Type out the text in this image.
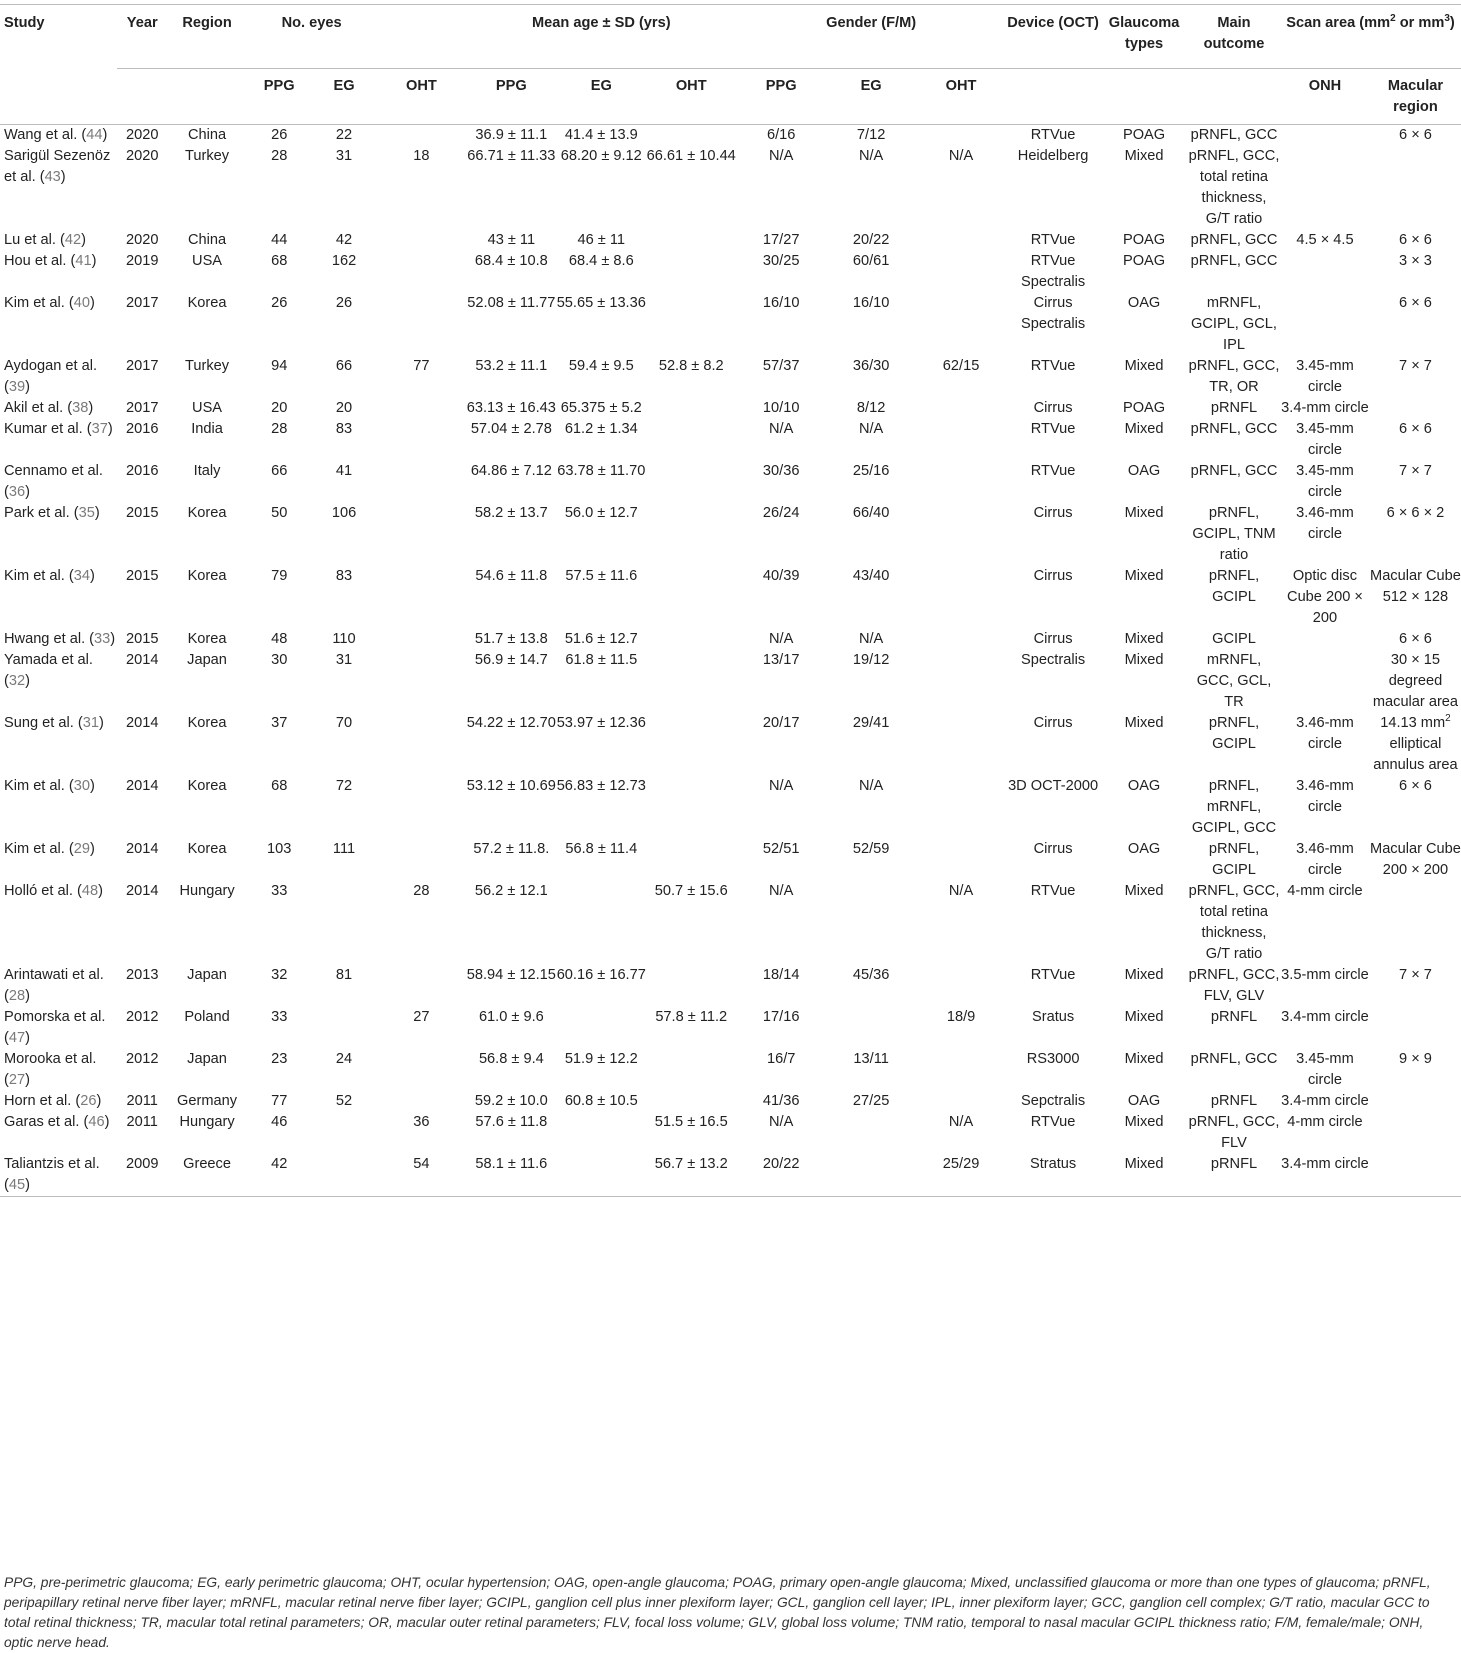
Study	Year	Region	No. eyes			Mean age ± SD (yrs)			Gender (F/M)			Device (OCT)	Glaucoma types	Main outcome	Scan area ($mm^2$ or $mm^3$)	
			PPG	EG	OHT	PPG	EG	OHT	PPG	EG	OHT				ONH	Macular region
Wang et al. (44)	2020	China	26	22		36.9 ± 11.1	41.4 ± 13.9		6/16	7/12		RTVue	POAG	pRNFL, GCC		6 × 6
Sarigül Sezenöz et al. (43)	2020	Turkey	28	31	18	66.71 ± 11.33	68.20 ± 9.12	66.61 ± 10.44	N/A	N/A	N/A	Heidelberg	Mixed	pRNFL, GCC, total retina thickness, G/T ratio		
Lu et al. (42)	2020	China	44	42		43 ± 11	46 ± 11		17/27	20/22		RTVue	POAG	pRNFL, GCC	4.5 × 4.5	6 × 6
Hou et al. (41)	2019	USA	68	162		68.4 ± 10.8	68.4 ± 8.6		30/25	60/61		RTVue Spectralis	POAG	pRNFL, GCC		3 × 3
Kim et al. (40)	2017	Korea	26	26		52.08 ± 11.77	55.65 ± 13.36		16/10	16/10		Cirrus Spectralis	OAG	mRNFL, GCIPL, GCL, IPL		6 × 6
Aydogan et al. (39)	2017	Turkey	94	66	77	53.2 ± 11.1	59.4 ± 9.5	52.8 ± 8.2	57/37	36/30	62/15	RTVue	Mixed	pRNFL, GCC, TR, OR	3.45-mm circle	7 × 7
Akil et al. (38)	2017	USA	20	20		63.13 ± 16.43	65.375 ± 5.2		10/10	8/12		Cirrus	POAG	pRNFL	3.4-mm circle	
Kumar et al. (37)	2016	India	28	83		57.04 ± 2.78	61.2 ± 1.34		N/A	N/A		RTVue	Mixed	pRNFL, GCC	3.45-mm circle	6 × 6
Cennamo et al. (36)	2016	Italy	66	41		64.86 ± 7.12	63.78 ± 11.70		30/36	25/16		RTVue	OAG	pRNFL, GCC	3.45-mm circle	7 × 7
Park et al. (35)	2015	Korea	50	106		58.2 ± 13.7	56.0 ± 12.7		26/24	66/40		Cirrus	Mixed	pRNFL, GCIPL, TNM ratio	3.46-mm circle	6 × 6 × 2
Kim et al. (34)	2015	Korea	79	83		54.6 ± 11.8	57.5 ± 11.6		40/39	43/40		Cirrus	Mixed	pRNFL, GCIPL	Optic disc Cube 200 × 200	Macular Cube 512 × 128
Hwang et al. (33)	2015	Korea	48	110		51.7 ± 13.8	51.6 ± 12.7		N/A	N/A		Cirrus	Mixed	GCIPL		6 × 6
Yamada et al. (32)	2014	Japan	30	31		56.9 ± 14.7	61.8 ± 11.5		13/17	19/12		Spectralis	Mixed	mRNFL, GCC, GCL, TR		30 × 15 degreed macular area
Sung et al. (31)	2014	Korea	37	70		54.22 ± 12.70	53.97 ± 12.36		20/17	29/41		Cirrus	Mixed	pRNFL, GCIPL	3.46-mm circle	14.13 $mm^2$ elliptical annulus area
Kim et al. (30)	2014	Korea	68	72		53.12 ± 10.69	56.83 ± 12.73		N/A	N/A		3D OCT-2000	OAG	pRNFL, mRNFL, GCIPL, GCC	3.46-mm circle	6 × 6
Kim et al. (29)	2014	Korea	103	111		57.2 ± 11.8.	56.8 ± 11.4		52/51	52/59		Cirrus	OAG	pRNFL, GCIPL	3.46-mm circle	Macular Cube 200 × 200
Holló et al. (48)	2014	Hungary	33		28	56.2 ± 12.1		50.7 ± 15.6	N/A		N/A	RTVue	Mixed	pRNFL, GCC, total retina thickness, G/T ratio	4-mm circle	
Arintawati et al. (28)	2013	Japan	32	81		58.94 ± 12.15	60.16 ± 16.77		18/14	45/36		RTVue	Mixed	pRNFL, GCC, FLV, GLV	3.5-mm circle	7 × 7
Pomorska et al. (47)	2012	Poland	33		27	61.0 ± 9.6		57.8 ± 11.2	17/16		18/9	Sratus	Mixed	pRNFL	3.4-mm circle	
Morooka et al. (27)	2012	Japan	23	24		56.8 ± 9.4	51.9 ± 12.2		16/7	13/11		RS3000	Mixed	pRNFL, GCC	3.45-mm circle	9 × 9
Horn et al. (26)	2011	Germany	77	52		59.2 ± 10.0	60.8 ± 10.5		41/36	27/25		Sepctralis	OAG	pRNFL	3.4-mm circle	
Garas et al. (46)	2011	Hungary	46		36	57.6 ± 11.8		51.5 ± 16.5	N/A		N/A	RTVue	Mixed	pRNFL, GCC, FLV	4-mm circle	
Taliantzis et al. (45)	2009	Greece	42		54	58.1 ± 11.6		56.7 ± 13.2	20/22		25/29	Stratus	Mixed	pRNFL	3.4-mm circle	
PPG, pre-perimetric glaucoma; EG, early perimetric glaucoma; OHT, ocular hypertension; OAG, open-angle glaucoma; POAG, primary open-angle glaucoma; Mixed, unclassified glaucoma or more than one types of glaucoma; pRNFL, peripapillary retinal nerve fiber layer; mRNFL, macular retinal nerve fiber layer; GCIPL, ganglion cell plus inner plexiform layer; GCL, ganglion cell layer; IPL, inner plexiform layer; GCC, ganglion cell complex; G/T ratio, macular GCC to total retinal thickness; TR, macular total retinal parameters; OR, macular outer retinal parameters; FLV, focal loss volume; GLV, global loss volume; TNM ratio, temporal to nasal macular GCIPL thickness ratio; F/M, female/male; ONH, optic nerve head.
